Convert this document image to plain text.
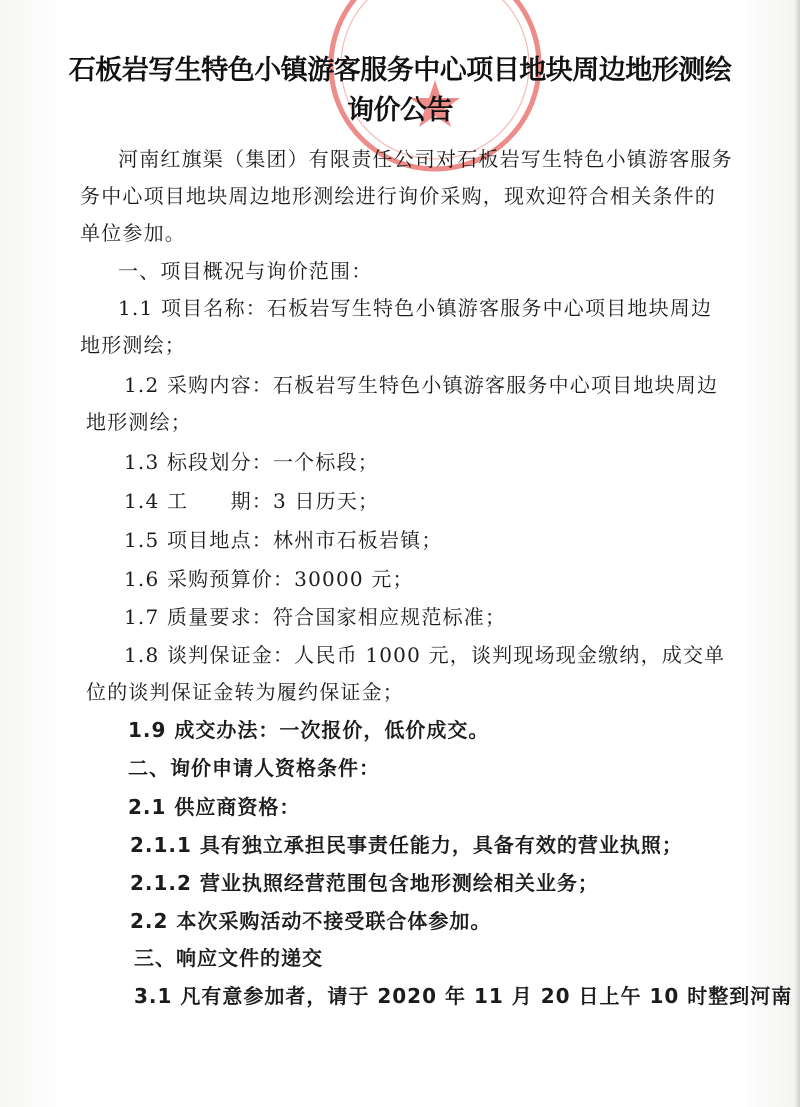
石板岩写生特色小镇游客服务中心项目地块周边地形测绘
询价公告
河南红旗渠（集团）有限责任公司对石板岩写生特色小镇游客服务
务中心项目地块周边地形测绘进行询价采购，现欢迎符合相关条件的
单位参加。
一、项目概况与询价范围：
1.1 项目名称：石板岩写生特色小镇游客服务中心项目地块周边
地形测绘；
1.2 采购内容：石板岩写生特色小镇游客服务中心项目地块周边
地形测绘；
1.3 标段划分：一个标段；
1.4 工　　期：3 日历天；
1.5 项目地点：林州市石板岩镇；
1.6 采购预算价：30000 元；
1.7 质量要求：符合国家相应规范标准；
1.8 谈判保证金：人民币 1000 元，谈判现场现金缴纳，成交单
位的谈判保证金转为履约保证金；
1.9 成交办法：一次报价，低价成交。
二、询价申请人资格条件：
2.1 供应商资格：
2.1.1 具有独立承担民事责任能力，具备有效的营业执照；
2.1.2 营业执照经营范围包含地形测绘相关业务；
2.2 本次采购活动不接受联合体参加。
三、响应文件的递交
3.1 凡有意参加者，请于 2020 年 11 月 20 日上午 10 时整到河南
